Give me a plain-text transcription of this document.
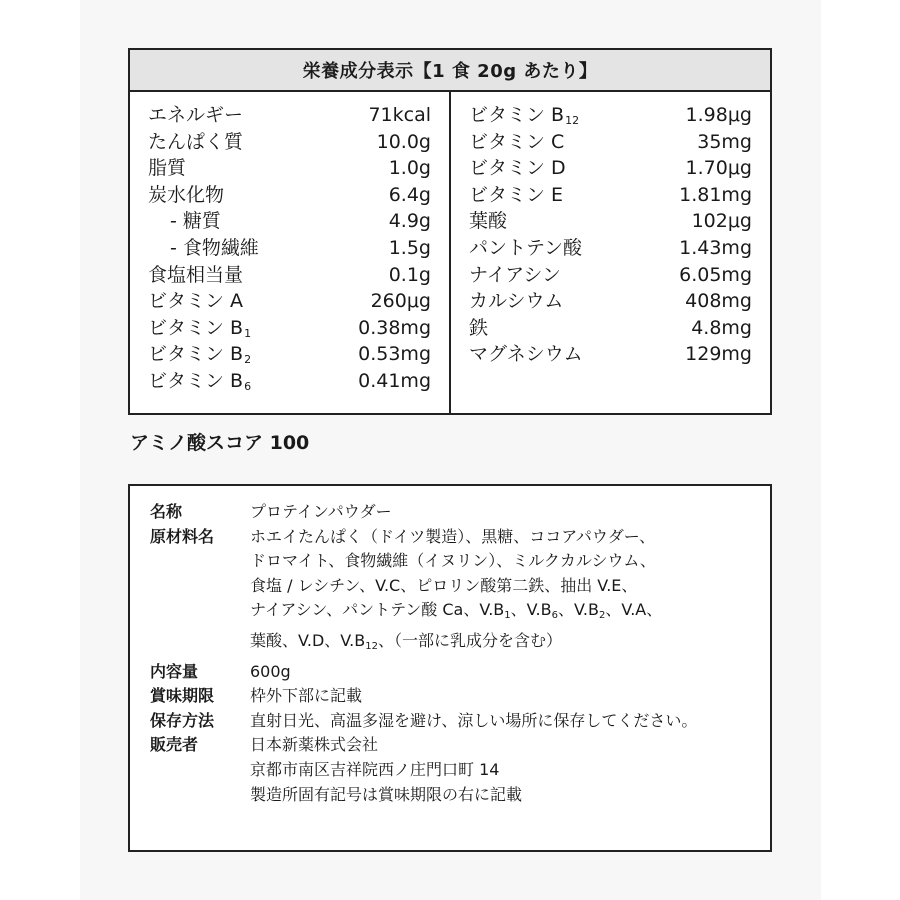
栄養成分表示【1 食 20g あたり】
エネルギー	71kcal
たんぱく質	10.0g
脂質	1.0g
炭水化物	6.4g
- 糖質	4.9g
- 食物繊維	1.5g
食塩相当量	0.1g
ビタミン A	260μg
ビタミン $B_1$	0.38mg
ビタミン $B_2$	0.53mg
ビタミン $B_6$	0.41mg
ビタミン $B_{12}$	1.98μg
ビタミン C	35mg
ビタミン D	1.70μg
ビタミン E	1.81mg
葉酸	102μg
パントテン酸	1.43mg
ナイアシン	6.05mg
カルシウム	408mg
鉄	4.8mg
マグネシウム	129mg
アミノ酸スコア 100
名称	プロテインパウダー
原材料名	ホエイたんぱく（ドイツ製造）、黒糖、ココアパウダー、
ドロマイト、食物繊維（イヌリン）、ミルクカルシウム、
食塩 / レシチン、V.C、ピロリン酸第二鉄、抽出 V.E、
ナイアシン、パントテン酸 Ca、$V.B_1$、$V.B_6$、$V.B_2$、V.A、
葉酸、V.D、$V.B_{12}$、（一部に乳成分を含む）
内容量	600g
賞味期限	枠外下部に記載
保存方法	直射日光、高温多湿を避け、涼しい場所に保存してください。
販売者	日本新薬株式会社
京都市南区吉祥院西ノ庄門口町 14
製造所固有記号は賞味期限の右に記載
